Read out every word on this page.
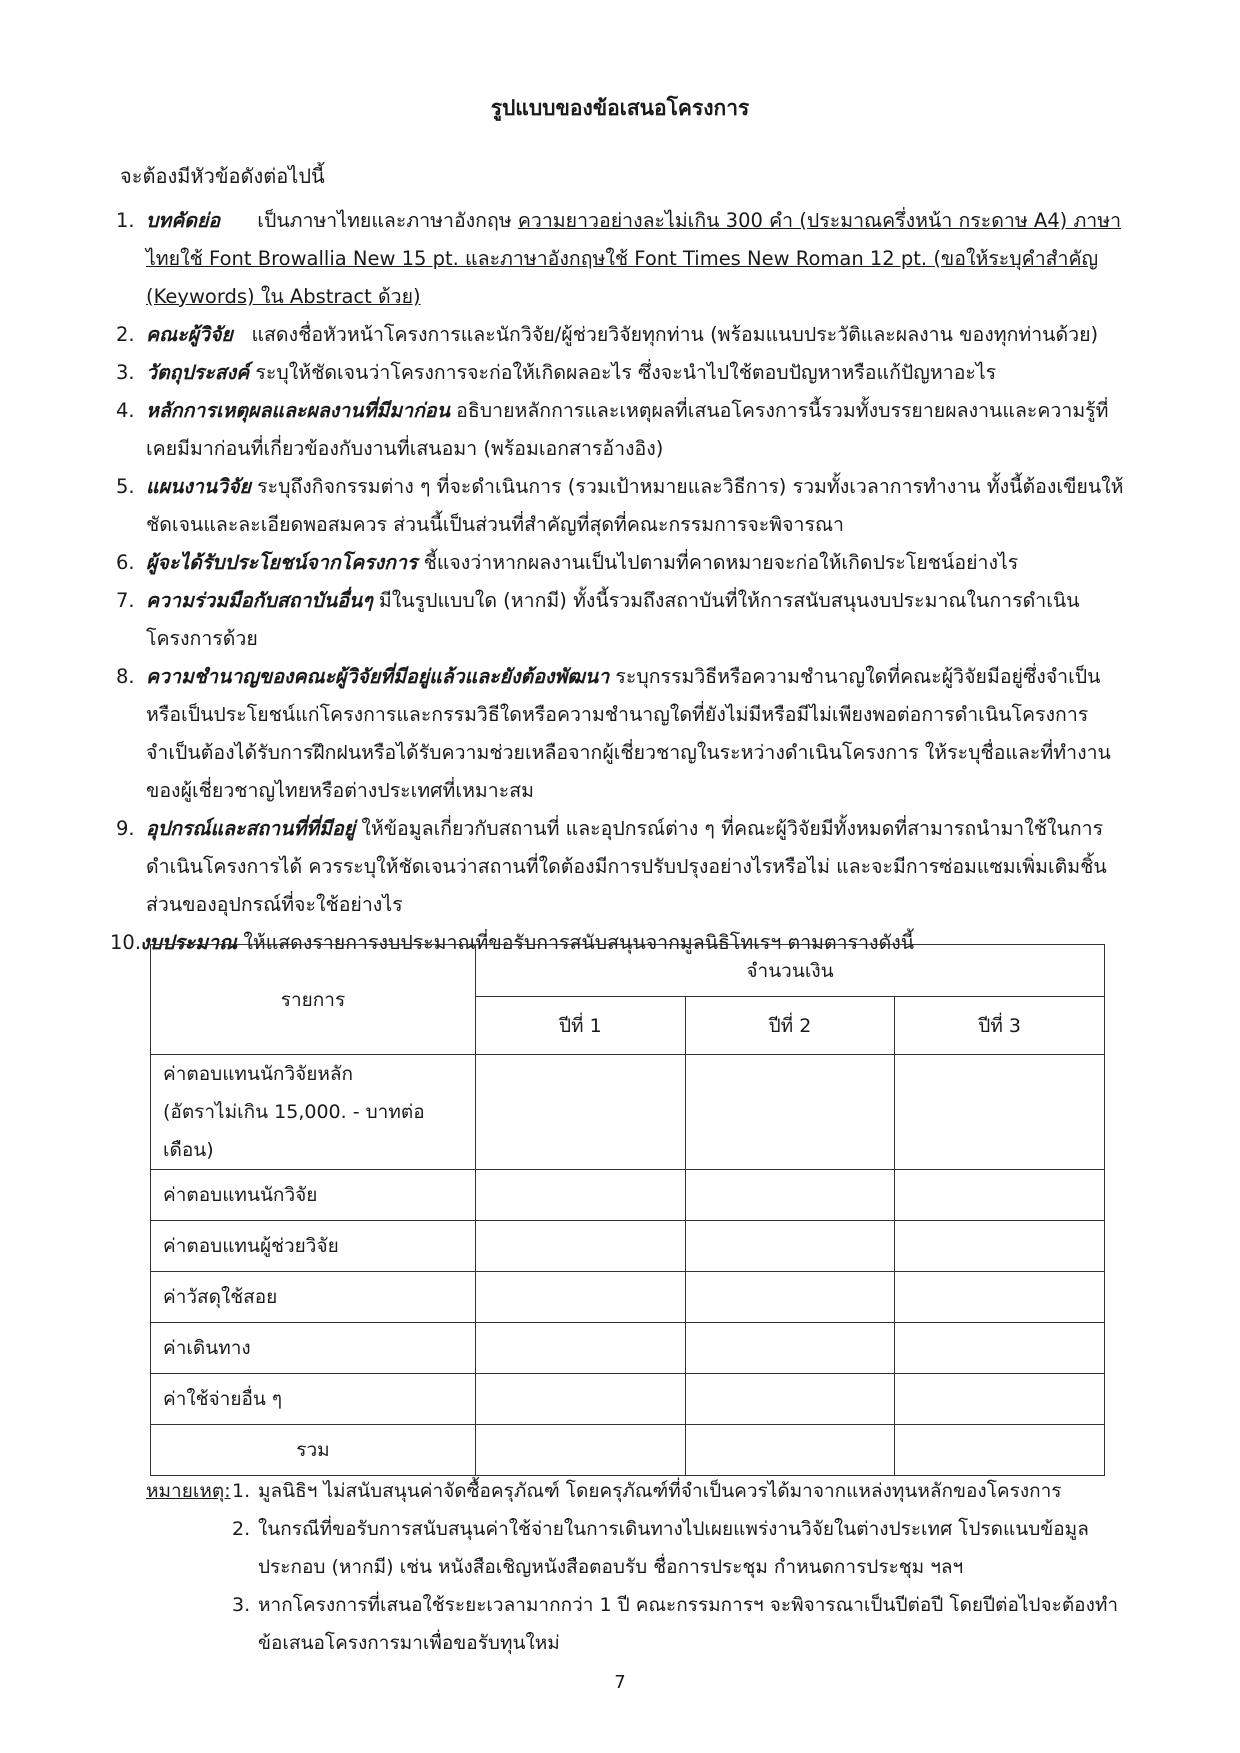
รูปแบบของข้อเสนอโครงการ
จะต้องมีหัวข้อดังต่อไปนี้
1. บทคัดย่อ เป็นภาษาไทยและภาษาอังกฤษ ความยาวอย่างละไม่เกิน 300 คำ (ประมาณครึ่งหน้า กระดาษ A4) ภาษาไทยใช้ Font Browallia New 15 pt. และภาษาอังกฤษใช้ Font Times New Roman 12 pt. (ขอให้ระบุคำสำคัญ (Keywords) ใน Abstract ด้วย)
2. คณะผู้วิจัย แสดงชื่อหัวหน้าโครงการและนักวิจัย/ผู้ช่วยวิจัยทุกท่าน (พร้อมแนบประวัติและผลงาน ของทุกท่านด้วย)
3. วัตถุประสงค์ ระบุให้ชัดเจนว่าโครงการจะก่อให้เกิดผลอะไร ซึ่งจะนำไปใช้ตอบปัญหาหรือแก้ปัญหาอะไร
4. หลักการเหตุผลและผลงานที่มีมาก่อน อธิบายหลักการและเหตุผลที่เสนอโครงการนี้รวมทั้งบรรยายผลงานและความรู้ที่เคยมีมาก่อนที่เกี่ยวข้องกับงานที่เสนอมา (พร้อมเอกสารอ้างอิง)
5. แผนงานวิจัย ระบุถึงกิจกรรมต่าง ๆ ที่จะดำเนินการ (รวมเป้าหมายและวิธีการ) รวมทั้งเวลาการทำงาน ทั้งนี้ต้องเขียนให้ชัดเจนและละเอียดพอสมควร ส่วนนี้เป็นส่วนที่สำคัญที่สุดที่คณะกรรมการจะพิจารณา
6. ผู้จะได้รับประโยชน์จากโครงการ ชี้แจงว่าหากผลงานเป็นไปตามที่คาดหมายจะก่อให้เกิดประโยชน์อย่างไร
7. ความร่วมมือกับสถาบันอื่นๆ มีในรูปแบบใด (หากมี) ทั้งนี้รวมถึงสถาบันที่ให้การสนับสนุนงบประมาณในการดำเนินโครงการด้วย
8. ความชำนาญของคณะผู้วิจัยที่มีอยู่แล้วและยังต้องพัฒนา ระบุกรรมวิธีหรือความชำนาญใดที่คณะผู้วิจัยมีอยู่ซึ่งจำเป็นหรือเป็นประโยชน์แก่โครงการและกรรมวิธีใดหรือความชำนาญใดที่ยังไม่มีหรือมีไม่เพียงพอต่อการดำเนินโครงการจำเป็นต้องได้รับการฝึกฝนหรือได้รับความช่วยเหลือจากผู้เชี่ยวชาญในระหว่างดำเนินโครงการ ให้ระบุชื่อและที่ทำงานของผู้เชี่ยวชาญไทยหรือต่างประเทศที่เหมาะสม
9. อุปกรณ์และสถานที่ที่มีอยู่ ให้ข้อมูลเกี่ยวกับสถานที่ และอุปกรณ์ต่าง ๆ ที่คณะผู้วิจัยมีทั้งหมดที่สามารถนำมาใช้ในการดำเนินโครงการได้ ควรระบุให้ชัดเจนว่าสถานที่ใดต้องมีการปรับปรุงอย่างไรหรือไม่ และจะมีการซ่อมแซมเพิ่มเติมชิ้นส่วนของอุปกรณ์ที่จะใช้อย่างไร
10.
งบประมาณ ให้แสดงรายการงบประมาณที่ขอรับการสนับสนุนจากมูลนิธิโทเรฯ ตามตารางดังนี้
รายการ	จำนวนเงิน		
	ปีที่ 1	ปีที่ 2	ปีที่ 3

ค่าตอบแทนนักวิจัยหลัก
(อัตราไม่เกิน 15,000. - บาทต่อเดือน)			

ค่าตอบแทนนักวิจัย			
ค่าตอบแทนผู้ช่วยวิจัย			
ค่าวัสดุใช้สอย			
ค่าเดินทาง			
ค่าใช้จ่ายอื่น ๆ			
รวม			
หมายเหตุ: 1. มูลนิธิฯ ไม่สนับสนุนค่าจัดซื้อครุภัณฑ์ โดยครุภัณฑ์ที่จำเป็นควรได้มาจากแหล่งทุนหลักของโครงการ
2. ในกรณีที่ขอรับการสนับสนุนค่าใช้จ่ายในการเดินทางไปเผยแพร่งานวิจัยในต่างประเทศ โปรดแนบข้อมูลประกอบ (หากมี) เช่น หนังสือเชิญหนังสือตอบรับ ชื่อการประชุม กำหนดการประชุม ฯลฯ
3. หากโครงการที่เสนอใช้ระยะเวลามากกว่า 1 ปี คณะกรรมการฯ จะพิจารณาเป็นปีต่อปี โดยปีต่อไปจะต้องทำข้อเสนอโครงการมาเพื่อขอรับทุนใหม่
7
